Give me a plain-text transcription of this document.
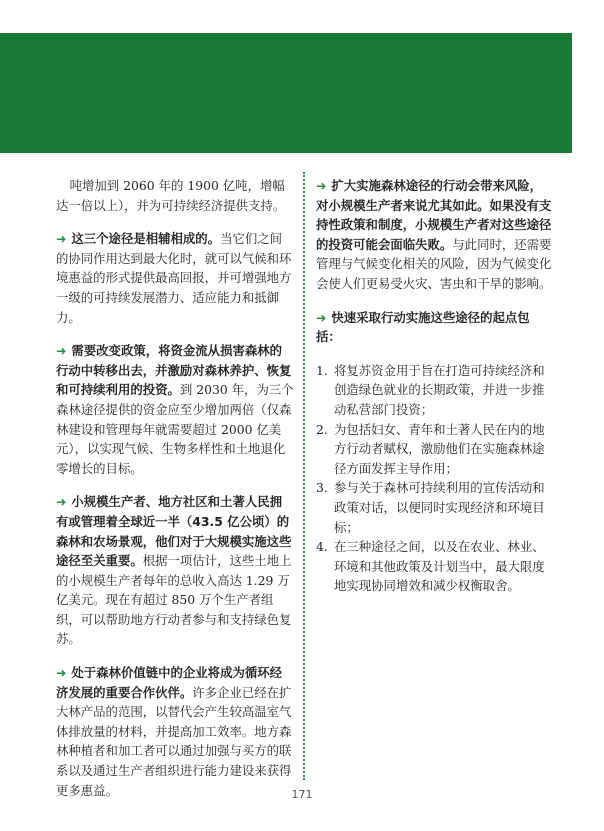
吨增加到 2060 年的 1900 亿吨，增幅达一倍以上），并为可持续经济提供支持。

➜ 这三个途径是相辅相成的。当它们之间的协同作用达到最大化时，就可以气候和环境惠益的形式提供最高回报，并可增强地方一级的可持续发展潜力、适应能力和抵御力。

➜ 需要改变政策，将资金流从损害森林的行动中转移出去，并激励对森林养护、恢复和可持续利用的投资。到 2030 年，为三个森林途径提供的资金应至少增加两倍（仅森林建设和管理每年就需要超过 2000 亿美元），以实现气候、生物多样性和土地退化零增长的目标。

➜ 小规模生产者、地方社区和土著人民拥有或管理着全球近一半（43.5 亿公顷）的森林和农场景观，他们对于大规模实施这些途径至关重要。根据一项估计，这些土地上的小规模生产者每年的总收入高达 1.29 万亿美元。现在有超过 850 万个生产者组织，可以帮助地方行动者参与和支持绿色复苏。

➜ 处于森林价值链中的企业将成为循环经济发展的重要合作伙伴。许多企业已经在扩大林产品的范围，以替代会产生较高温室气体排放量的材料，并提高加工效率。地方森林种植者和加工者可以通过加强与买方的联系以及通过生产者组织进行能力建设来获得更多惠益。

➜ 扩大实施森林途径的行动会带来风险，对小规模生产者来说尤其如此。如果没有支持性政策和制度，小规模生产者对这些途径的投资可能会面临失败。与此同时，还需要管理与气候变化相关的风险，因为气候变化会使人们更易受火灾、害虫和干旱的影响。

➜ 快速采取行动实施这些途径的起点包括：

1. 将复苏资金用于旨在打造可持续经济和创造绿色就业的长期政策，并进一步推动私营部门投资；
2. 为包括妇女、青年和土著人民在内的地方行动者赋权，激励他们在实施森林途径方面发挥主导作用；
3. 参与关于森林可持续利用的宣传活动和政策对话，以便同时实现经济和环境目标；
4. 在三种途径之间，以及在农业、林业、环境和其他政策及计划当中，最大限度地实现协同增效和减少权衡取舍。
171
